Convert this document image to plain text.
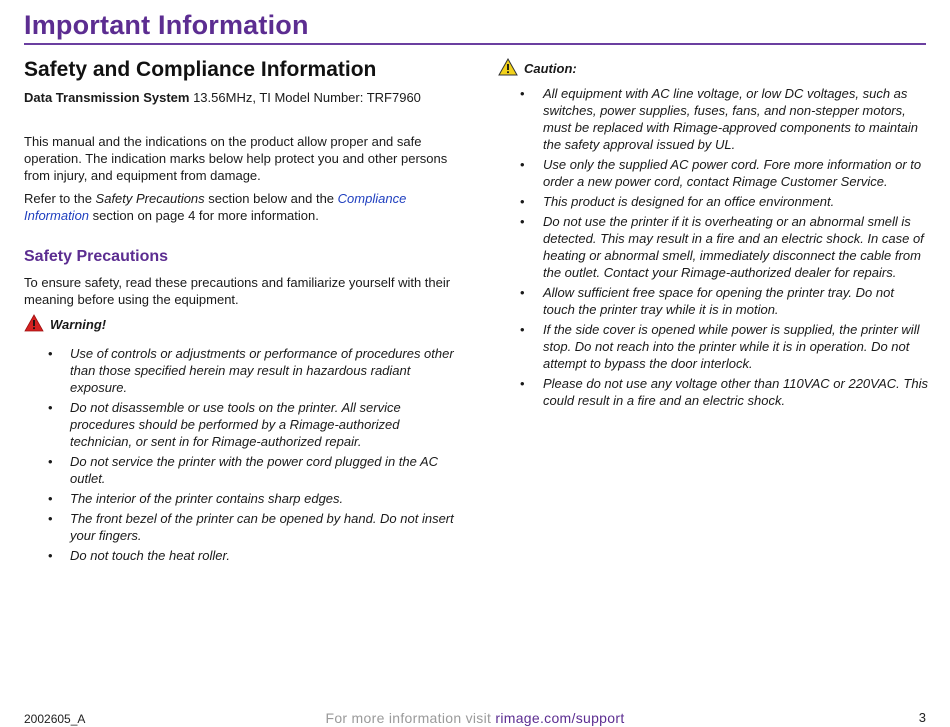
Important Information
Safety and Compliance Information
Data Transmission System 13.56MHz, TI Model Number: TRF7960

This manual and the indications on the product allow proper and safe operation. The indication marks below help protect you and other persons from injury, and equipment from damage.

Refer to the Safety Precautions section below and the Compliance Information section on page 4 for more information.

Safety Precautions

To ensure safety, read these precautions and familiarize yourself with their meaning before using the equipment.

Warning!
• Use of controls or adjustments or performance of procedures other than those specified herein may result in hazardous radiant exposure.
• Do not disassemble or use tools on the printer. All service procedures should be performed by a Rimage-authorized technician, or sent in for Rimage-authorized repair.
• Do not service the printer with the power cord plugged in the AC outlet.
• The interior of the printer contains sharp edges.
• The front bezel of the printer can be opened by hand. Do not insert your fingers.
• Do not touch the heat roller.
Caution:
• All equipment with AC line voltage, or low DC voltages, such as switches, power supplies, fuses, fans, and non-stepper motors, must be replaced with Rimage-approved components to maintain the safety approval issued by UL.
• Use only the supplied AC power cord. Fore more information or to order a new power cord, contact Rimage Customer Service.
• This product is designed for an office environment.
• Do not use the printer if it is overheating or an abnormal smell is detected. This may result in a fire and an electric shock. In case of heating or abnormal smell, immediately disconnect the cable from the outlet. Contact your Rimage-authorized dealer for repairs.
• Allow sufficient free space for opening the printer tray. Do not touch the printer tray while it is in motion.
• If the side cover is opened while power is supplied, the printer will stop. Do not reach into the printer while it is in operation. Do not attempt to bypass the door interlock.
• Please do not use any voltage other than 110VAC or 220VAC. This could result in a fire and an electric shock.
2002605_A	For more information visit rimage.com/support	3
